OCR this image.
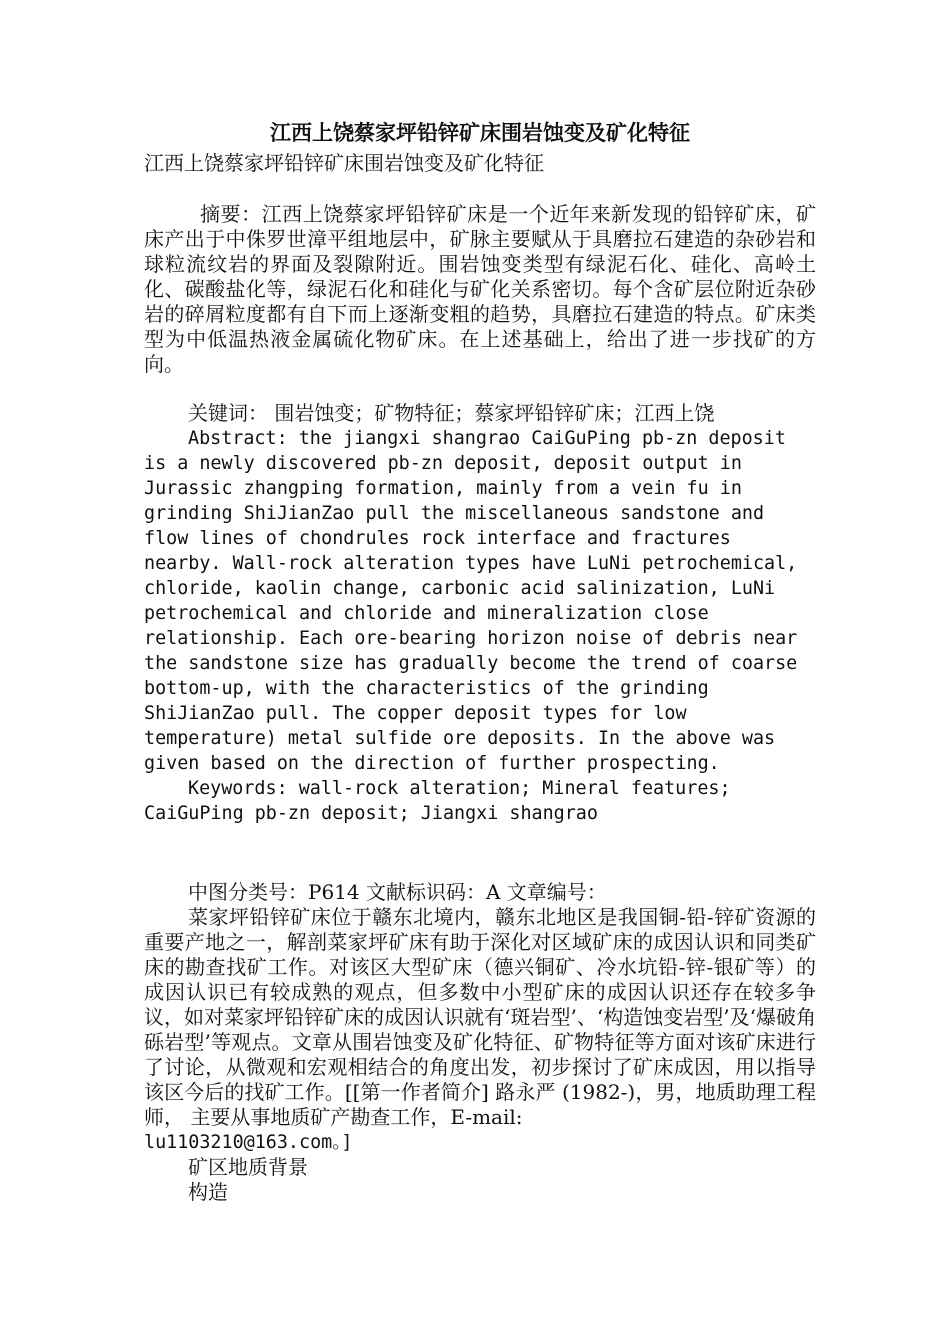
江西上饶蔡家坪铅锌矿床围岩蚀变及矿化特征

江西上饶蔡家坪铅锌矿床围岩蚀变及矿化特征

摘要：江西上饶蔡家坪铅锌矿床是一个近年来新发现的铅锌矿床，矿床产出于中侏罗世漳平组地层中，矿脉主要赋从于具磨拉石建造的杂砂岩和球粒流纹岩的界面及裂隙附近。围岩蚀变类型有绿泥石化、硅化、高岭土化、碳酸盐化等，绿泥石化和硅化与矿化关系密切。每个含矿层位附近杂砂岩的碎屑粒度都有自下而上逐渐变粗的趋势，具磨拉石建造的特点。矿床类型为中低温热液金属硫化物矿床。在上述基础上，给出了进一步找矿的方向。

关键词： 围岩蚀变；矿物特征；蔡家坪铅锌矿床；江西上饶

Abstract: the jiangxi shangrao CaiGuPing pb-zn deposit
is a newly discovered pb-zn deposit, deposit output in
Jurassic zhangping formation, mainly from a vein fu in
grinding ShiJianZao pull the miscellaneous sandstone and
flow lines of chondrules rock interface and fractures
nearby. Wall-rock alteration types have LuNi petrochemical,
chloride, kaolin change, carbonic acid salinization, LuNi
petrochemical and chloride and mineralization close
relationship. Each ore-bearing horizon noise of debris near
the sandstone size has gradually become the trend of coarse
bottom-up, with the characteristics of the grinding
ShiJianZao pull. The copper deposit types for low
temperature) metal sulfide ore deposits. In the above was
given based on the direction of further prospecting.
Keywords: wall-rock alteration; Mineral features;
CaiGuPing pb-zn deposit; Jiangxi shangrao

中图分类号：P614 文献标识码：A 文章编号：

菜家坪铅锌矿床位于赣东北境内，赣东北地区是我国铜-铅-锌矿资源的重要产地之一，解剖菜家坪矿床有助于深化对区域矿床的成因认识和同类矿床的勘查找矿工作。对该区大型矿床（德兴铜矿、冷水坑铅-锌-银矿等）的成因认识已有较成熟的观点，但多数中小型矿床的成因认识还存在较多争议，如对菜家坪铅锌矿床的成因认识就有‘斑岩型’、‘构造蚀变岩型’及‘爆破角砾岩型’等观点。文章从围岩蚀变及矿化特征、矿物特征等方面对该矿床进行了讨论，从微观和宏观相结合的角度出发，初步探讨了矿床成因，用以指导该区今后的找矿工作。[[第一作者简介] 路永严 (1982-)，男，地质助理工程师， 主要从事地质矿产勘查工作，E-mail:

lu1103210@163.com。]

矿区地质背景

构造
